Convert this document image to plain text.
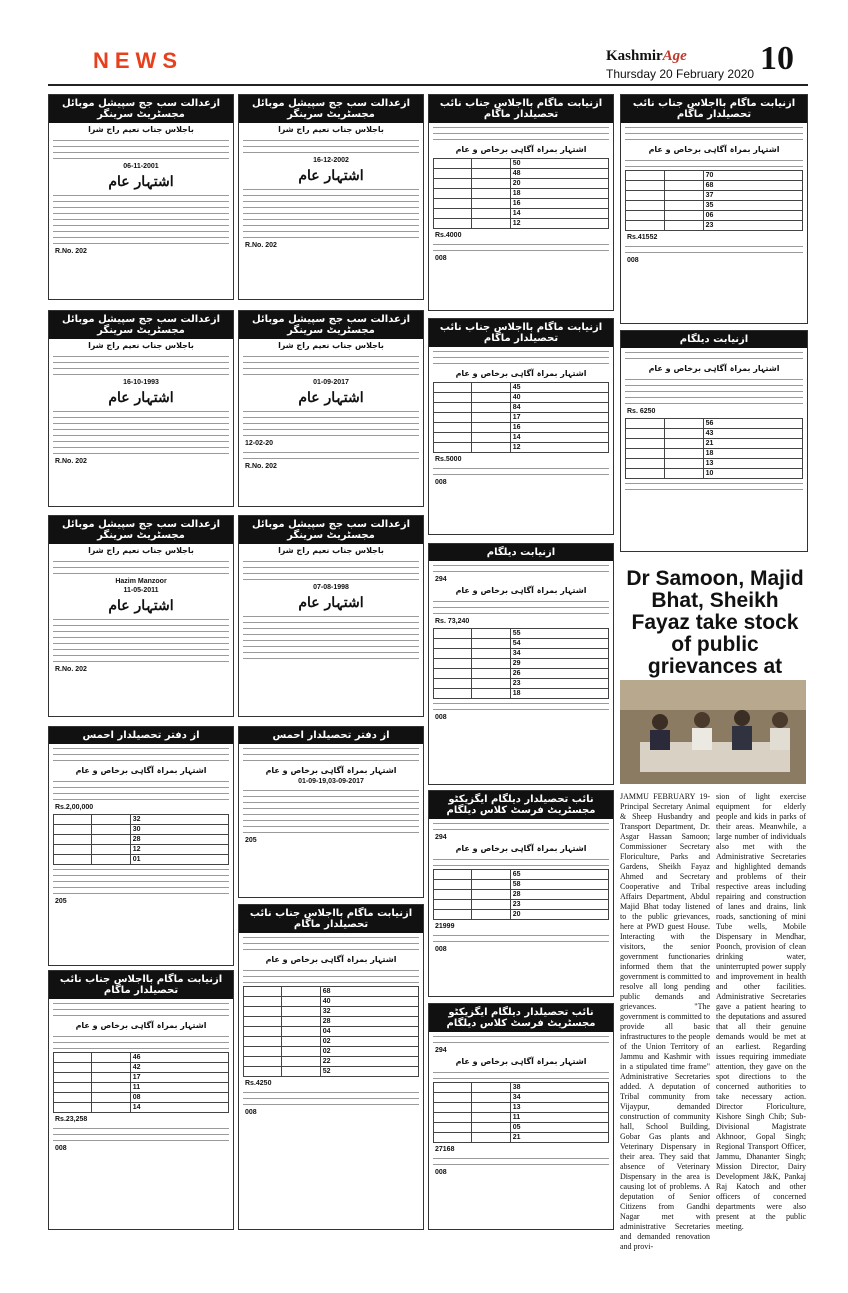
NEWS	KashmirAge
Thursday 20 February 2020 10
ازعدالت سب جج سپیشل موبائل مجسٹریٹ سرینگر
باجلاس جناب نعیم راج شرا
06-11-2001
اشتہار عام
R.No. 202
ازعدالت سب جج سپیشل موبائل مجسٹریٹ سرینگر
باجلاس جناب نعیم راج شرا
16-10-1993
اشتہار عام
R.No. 202
ازعدالت سب جج سپیشل موبائل مجسٹریٹ سرینگر
باجلاس جناب نعیم راج شرا
Hazim Manzoor
11-05-2011
اشتہار عام
R.No. 202
از دفتر تحصیلدار احمس
اشتہار بمراہ آگاہی برخاص و عام
Rs.2,00,000
32		
30		
28		
12		
01		
205
ازنیابت ماگام بااجلاس جناب نائب تحصیلدار ماگام
اشتہار بمراہ آگاہی برخاص و عام
46		
42		
17		
11		
08		
14		
Rs.23,258
008
ازعدالت سب جج سپیشل موبائل مجسٹریٹ سرینگر
باجلاس جناب نعیم راج شرا
16-12-2002
اشتہار عام
R.No. 202
ازعدالت سب جج سپیشل موبائل مجسٹریٹ سرینگر
باجلاس جناب نعیم راج شرا
01-09-2017
اشتہار عام
12-02-20
R.No. 202
ازعدالت سب جج سپیشل موبائل مجسٹریٹ سرینگر
باجلاس جناب نعیم راج شرا
07-08-1998
اشتہار عام
از دفتر تحصیلدار احمس
اشتہار بمراہ آگاہی برخاص و عام
01-09-19,03-09-2017
205
ازنیابت ماگام بااجلاس جناب نائب تحصیلدار ماگام
اشتہار بمراہ آگاہی برخاص و عام
68		
40		
32		
28		
04		
02		
02		
22		
52		
Rs.4250
008
ازنیابت ماگام بااجلاس جناب نائب تحصیلدار ماگام
اشتہار بمراہ آگاہی برخاص و عام
50		
48		
20		
18		
16		
14		
12		
Rs.4000
008
ازنیابت ماگام بااجلاس جناب نائب تحصیلدار ماگام
اشتہار بمراہ آگاہی برخاص و عام
45		
40		
84		
17		
16		
14		
12		
Rs.5000
008
ازنیابت دیلگام
294
اشتہار بمراہ آگاہی برخاص و عام
Rs. 73,240
55		
54		
34		
29		
26		
23		
18		
008
نائب تحصیلدار دیلگام ایگزیکٹو مجسٹریٹ فرسٹ کلاس دیلگام
294
اشتہار بمراہ آگاہی برخاص و عام
65		
58		
28		
23		
20		
21999
008
نائب تحصیلدار دیلگام ایگزیکٹو مجسٹریٹ فرسٹ کلاس دیلگام
294
اشتہار بمراہ آگاہی برخاص و عام
38		
34		
13		
11		
05		
21		
27168
008
ازنیابت ماگام بااجلاس جناب نائب تحصیلدار ماگام
اشتہار بمراہ آگاہی برخاص و عام
70		
68		
37		
35		
06		
23		
Rs.41552
008
ازنیابت دیلگام
اشتہار بمراہ آگاہی برخاص و عام
Rs. 6250
56		
43		
21		
18		
13		
10		
Dr Samoon, Majid Bhat, Sheikh Fayaz take stock of public grievances at
JAMMU FEBRUARY 19- Principal Secretary Animal & Sheep Husbandry and Transport Department, Dr. Asgar Hassan Samoon; Commissioner Secretary Floriculture, Parks and Gardens, Sheikh Fayaz Ahmed and Secretary Cooperative and Tribal Affairs Department, Abdul Majid Bhat today listened to the public grievances, here at PWD guest House. Interacting with the visitors, the senior government functionaries informed them that the government is committed to resolve all long pending public demands and grievances. "The government is committed to provide all basic infrastructures to the people of the Union Territory of Jammu and Kashmir with in a stipulated time frame" Administrative Secretaries added. A deputation of Tribal community from Vijaypur, demanded construction of community hall, School Building, Gobar Gas plants and Veterinary Dispensary in their area. They said that absence of Veterinary Dispensary in the area is causing lot of problems. A deputation of Senior Citizens from Gandhi Nagar met with administrative Secretaries and demanded renovation and provi-
sion of light exercise equipment for elderly people and kids in parks of their areas. Meanwhile, a large number of individuals also met with the Administrative Secretaries and highlighted demands and problems of their respective areas including repairing and construction of lanes and drains, link roads, sanctioning of mini Tube wells, Mobile Dispensary in Mendhar, Poonch, provision of clean drinking water, uninterrupted power supply and improvement in health and other facilities. Administrative Secretaries gave a patient hearing to the deputations and assured that all their genuine demands would be met at an earliest. Regarding issues requiring immediate attention, they gave on the spot directions to the concerned authorities to take necessary action. Director Floriculture, Kishore Singh Chib; Sub-Divisional Magistrate Akhnoor, Gopal Singh; Regional Transport Officer, Jammu, Dhananter Singh; Mission Director, Dairy Development J&K, Pankaj Raj Katoch and other officers of concerned departments were also present at the public meeting.
